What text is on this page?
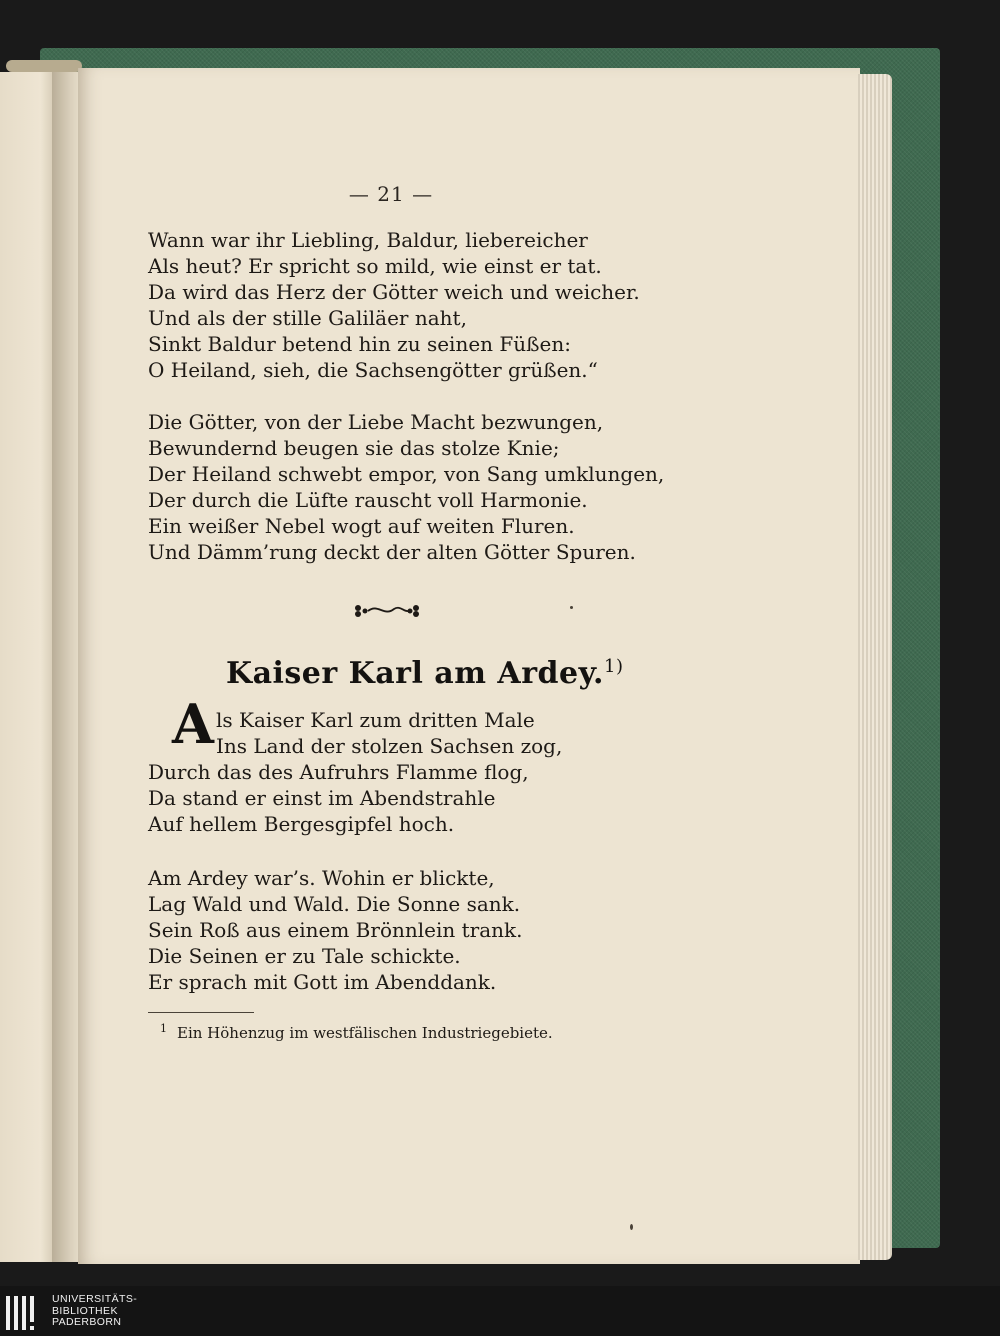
— 21 —
Wann war ihr Liebling, Baldur, liebereicher
Als heut? Er spricht so mild, wie einst er tat.
Da wird das Herz der Götter weich und weicher.
Und als der stille Galiläer naht,
Sinkt Baldur betend hin zu seinen Füßen:
O Heiland, sieh, die Sachsengötter grüßen.“
Die Götter, von der Liebe Macht bezwungen,
Bewundernd beugen sie das stolze Knie;
Der Heiland schwebt empor, von Sang umklungen,
Der durch die Lüfte rauscht voll Harmonie.
Ein weißer Nebel wogt auf weiten Fluren.
Und Dämm’rung deckt der alten Götter Spuren.
Kaiser Karl am Ardey.$^{1)}$
A ls Kaiser Karl zum dritten Male
Ins Land der stolzen Sachsen zog,
Durch das des Aufruhrs Flamme flog,
Da stand er einst im Abendstrahle
Auf hellem Bergesgipfel hoch.
Am Ardey war’s. Wohin er blickte,
Lag Wald und Wald. Die Sonne sank.
Sein Roß aus einem Brönnlein trank.
Die Seinen er zu Tale schickte.
Er sprach mit Gott im Abenddank.
$^1$ Ein Höhenzug im westfälischen Industriegebiete.
UNIVERSITÄTS-
BIBLIOTHEK
PADERBORN
